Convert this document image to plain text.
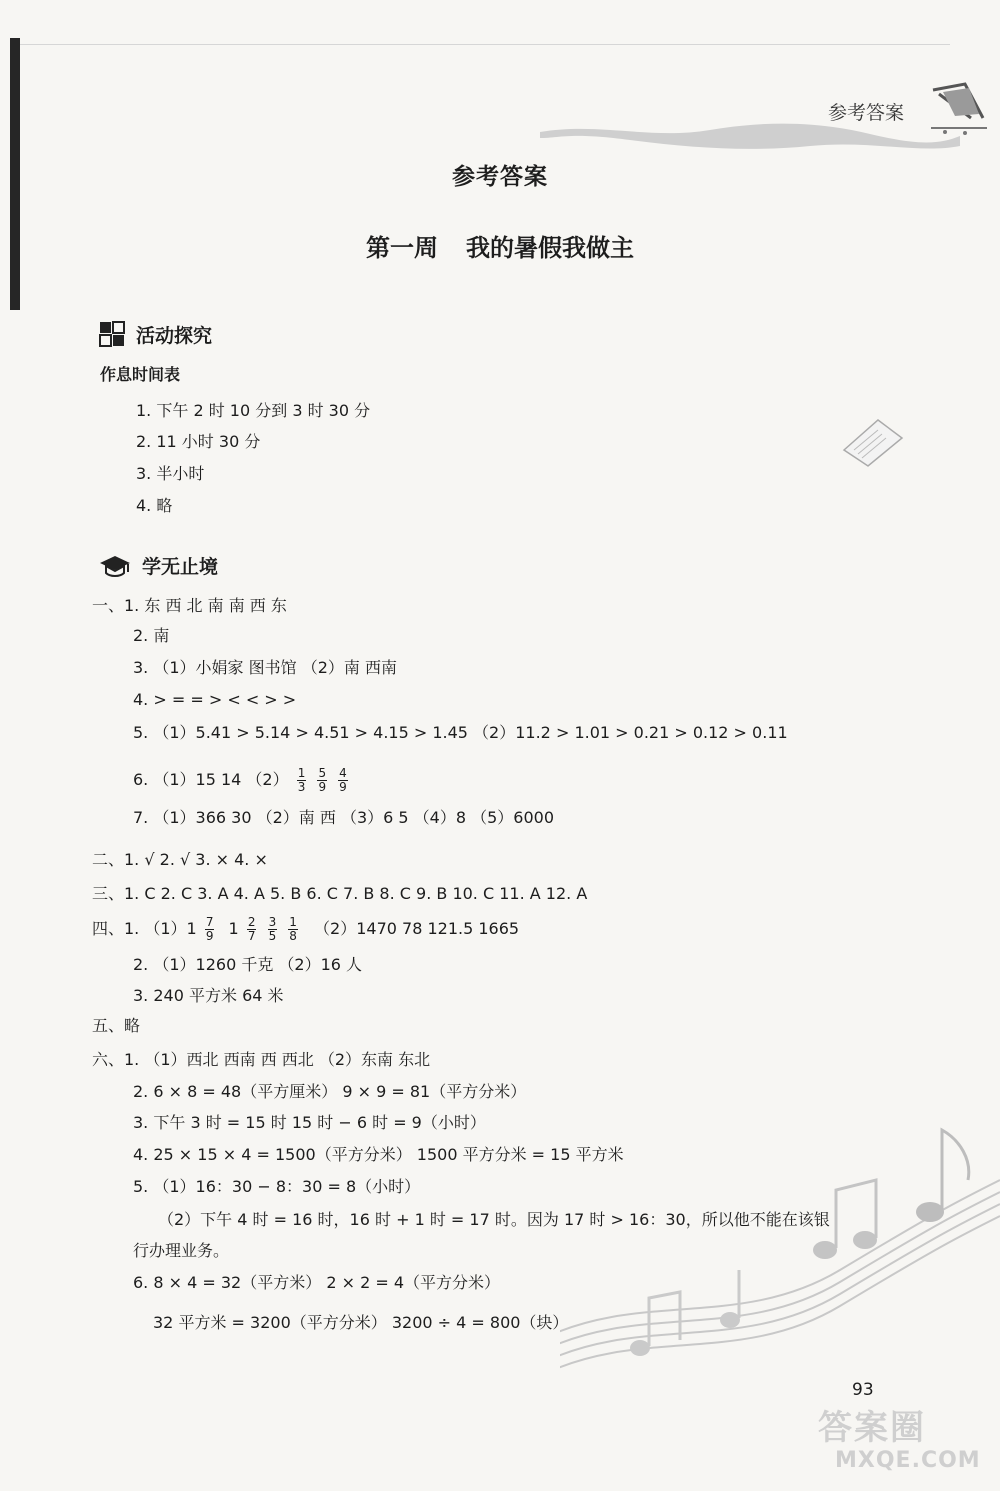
参考答案
参考答案
第一周 我的暑假我做主
活动探究
作息时间表
1. 下午 2 时 10 分到 3 时 30 分
2. 11 小时 30 分
3. 半小时
4. 略
学无止境
一、1. 东 西 北 南 南 西 东
2. 南
3. （1）小娟家 图书馆 （2）南 西南
4. > = = > < < > >
5. （1）5.41 > 5.14 > 4.51 > 4.15 > 1.45 （2）11.2 > 1.01 > 0.21 > 0.12 > 0.11
6. （1）15 14 $(2) \frac{1}{3}$
$\frac{5}{9}$
$\frac{4}{9}$
7. （1）366 30 （2）南 西 （3）6 5 （4）8 （5）6000
二、1. √ 2. √ 3. × 4. ×
三、1. C 2. C 3. A 4. A 5. B 6. C 7. B 8. C 9. B 10. C 11. A 12. A
四、1. $(1)1 \frac{7}{9} 1 \frac{2}{7}$
$\frac{3}{5}$
$\frac{1}{8} (2)1470$ 78 121.5 1665
2. （1）1260 千克 （2）16 人
3. 240 平方米 64 米
五、略
六、1. （1）西北 西南 西 西北 （2）东南 东北
2. 6 × 8 = 48（平方厘米） 9 × 9 = 81（平方分米）
3. 下午 3 时 = 15 时 15 时 − 6 时 = 9（小时）
4. 25 × 15 × 4 = 1500（平方分米） 1500 平方分米 = 15 平方米
5. （1）16：30 − 8：30 = 8（小时）
（2）下午 4 时 = 16 时，16 时 + 1 时 = 17 时。因为 17 时 > 16：30，所以他不能在该银
行办理业务。
6. 8 × 4 = 32（平方米） 2 × 2 = 4（平方分米）
32 平方米 = 3200（平方分米） 3200 ÷ 4 = 800（块）
93
答案圈
MXQE.COM
